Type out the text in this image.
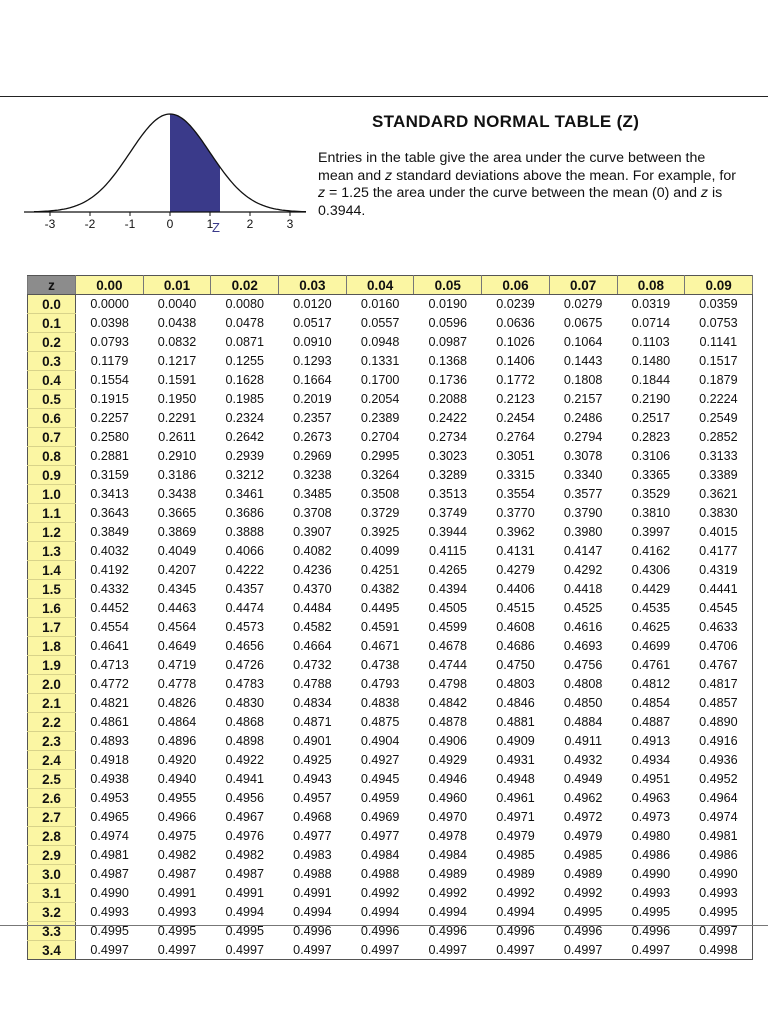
-3 -2 -1	0	1	2	3
Z
STANDARD NORMAL TABLE (Z)
Entries in the table give the area under the curve between the mean and z standard deviations above the mean. For example, for z = 1.25 the area under the curve between the mean (0) and z is 0.3944.
z	0.00	0.01	0.02	0.03	0.04	0.05	0.06	0.07	0.08	0.09
0.0	0.0000	0.0040	0.0080	0.0120	0.0160	0.0190	0.0239	0.0279	0.0319	0.0359
0.1	0.0398	0.0438	0.0478	0.0517	0.0557	0.0596	0.0636	0.0675	0.0714	0.0753
0.2	0.0793	0.0832	0.0871	0.0910	0.0948	0.0987	0.1026	0.1064	0.1103	0.1141
0.3	0.1179	0.1217	0.1255	0.1293	0.1331	0.1368	0.1406	0.1443	0.1480	0.1517
0.4	0.1554	0.1591	0.1628	0.1664	0.1700	0.1736	0.1772	0.1808	0.1844	0.1879
0.5	0.1915	0.1950	0.1985	0.2019	0.2054	0.2088	0.2123	0.2157	0.2190	0.2224
0.6	0.2257	0.2291	0.2324	0.2357	0.2389	0.2422	0.2454	0.2486	0.2517	0.2549
0.7	0.2580	0.2611	0.2642	0.2673	0.2704	0.2734	0.2764	0.2794	0.2823	0.2852
0.8	0.2881	0.2910	0.2939	0.2969	0.2995	0.3023	0.3051	0.3078	0.3106	0.3133
0.9	0.3159	0.3186	0.3212	0.3238	0.3264	0.3289	0.3315	0.3340	0.3365	0.3389
1.0	0.3413	0.3438	0.3461	0.3485	0.3508	0.3513	0.3554	0.3577	0.3529	0.3621
1.1	0.3643	0.3665	0.3686	0.3708	0.3729	0.3749	0.3770	0.3790	0.3810	0.3830
1.2	0.3849	0.3869	0.3888	0.3907	0.3925	0.3944	0.3962	0.3980	0.3997	0.4015
1.3	0.4032	0.4049	0.4066	0.4082	0.4099	0.4115	0.4131	0.4147	0.4162	0.4177
1.4	0.4192	0.4207	0.4222	0.4236	0.4251	0.4265	0.4279	0.4292	0.4306	0.4319
1.5	0.4332	0.4345	0.4357	0.4370	0.4382	0.4394	0.4406	0.4418	0.4429	0.4441
1.6	0.4452	0.4463	0.4474	0.4484	0.4495	0.4505	0.4515	0.4525	0.4535	0.4545
1.7	0.4554	0.4564	0.4573	0.4582	0.4591	0.4599	0.4608	0.4616	0.4625	0.4633
1.8	0.4641	0.4649	0.4656	0.4664	0.4671	0.4678	0.4686	0.4693	0.4699	0.4706
1.9	0.4713	0.4719	0.4726	0.4732	0.4738	0.4744	0.4750	0.4756	0.4761	0.4767
2.0	0.4772	0.4778	0.4783	0.4788	0.4793	0.4798	0.4803	0.4808	0.4812	0.4817
2.1	0.4821	0.4826	0.4830	0.4834	0.4838	0.4842	0.4846	0.4850	0.4854	0.4857
2.2	0.4861	0.4864	0.4868	0.4871	0.4875	0.4878	0.4881	0.4884	0.4887	0.4890
2.3	0.4893	0.4896	0.4898	0.4901	0.4904	0.4906	0.4909	0.4911	0.4913	0.4916
2.4	0.4918	0.4920	0.4922	0.4925	0.4927	0.4929	0.4931	0.4932	0.4934	0.4936
2.5	0.4938	0.4940	0.4941	0.4943	0.4945	0.4946	0.4948	0.4949	0.4951	0.4952
2.6	0.4953	0.4955	0.4956	0.4957	0.4959	0.4960	0.4961	0.4962	0.4963	0.4964
2.7	0.4965	0.4966	0.4967	0.4968	0.4969	0.4970	0.4971	0.4972	0.4973	0.4974
2.8	0.4974	0.4975	0.4976	0.4977	0.4977	0.4978	0.4979	0.4979	0.4980	0.4981
2.9	0.4981	0.4982	0.4982	0.4983	0.4984	0.4984	0.4985	0.4985	0.4986	0.4986
3.0	0.4987	0.4987	0.4987	0.4988	0.4988	0.4989	0.4989	0.4989	0.4990	0.4990
3.1	0.4990	0.4991	0.4991	0.4991	0.4992	0.4992	0.4992	0.4992	0.4993	0.4993
3.2	0.4993	0.4993	0.4994	0.4994	0.4994	0.4994	0.4994	0.4995	0.4995	0.4995
3.3	0.4995	0.4995	0.4995	0.4996	0.4996	0.4996	0.4996	0.4996	0.4996	0.4997
3.4	0.4997	0.4997	0.4997	0.4997	0.4997	0.4997	0.4997	0.4997	0.4997	0.4998
